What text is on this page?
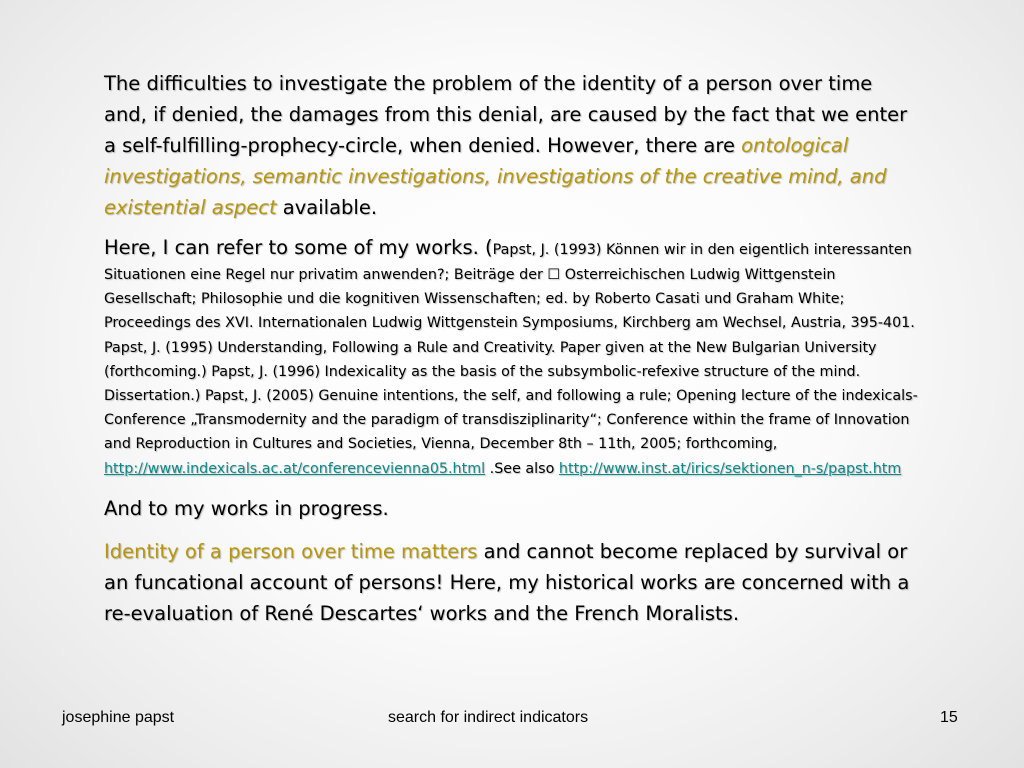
The difficulties to investigate the problem of the identity of a person over time and, if denied, the damages from this denial, are caused by the fact that we enter a self-fulfilling-prophecy-circle, when denied. However, there are ontological investigations, semantic investigations, investigations of the creative mind, and existential aspect available.

Here, I can refer to some of my works. (Papst, J. (1993) Können wir in den eigentlich interessanten Situationen eine Regel nur privatim anwenden?; Beiträge der ☐ Osterreichischen Ludwig Wittgenstein Gesellschaft; Philosophie und die kognitiven Wissenschaften; ed. by Roberto Casati und Graham White; Proceedings des XVI. Internationalen Ludwig Wittgenstein Symposiums, Kirchberg am Wechsel, Austria, 395-401. Papst, J. (1995) Understanding, Following a Rule and Creativity. Paper given at the New Bulgarian University (forthcoming.) Papst, J. (1996) Indexicality as the basis of the subsymbolic-refexive structure of the mind. Dissertation.) Papst, J. (2005) Genuine intentions, the self, and following a rule; Opening lecture of the indexicals-Conference „Transmodernity and the paradigm of transdisziplinarity“; Conference within the frame of Innovation and Reproduction in Cultures and Societies, Vienna, December 8th – 11th, 2005; forthcoming, http://www.indexicals.ac.at/conferencevienna05.html .See also http://www.inst.at/irics/sektionen_n-s/papst.htm

And to my works in progress.

Identity of a person over time matters and cannot become replaced by survival or an funcational account of persons! Here, my historical works are concerned with a re-evaluation of René Descartes‘ works and the French Moralists.

josephine papst	search for indirect indicators	15
